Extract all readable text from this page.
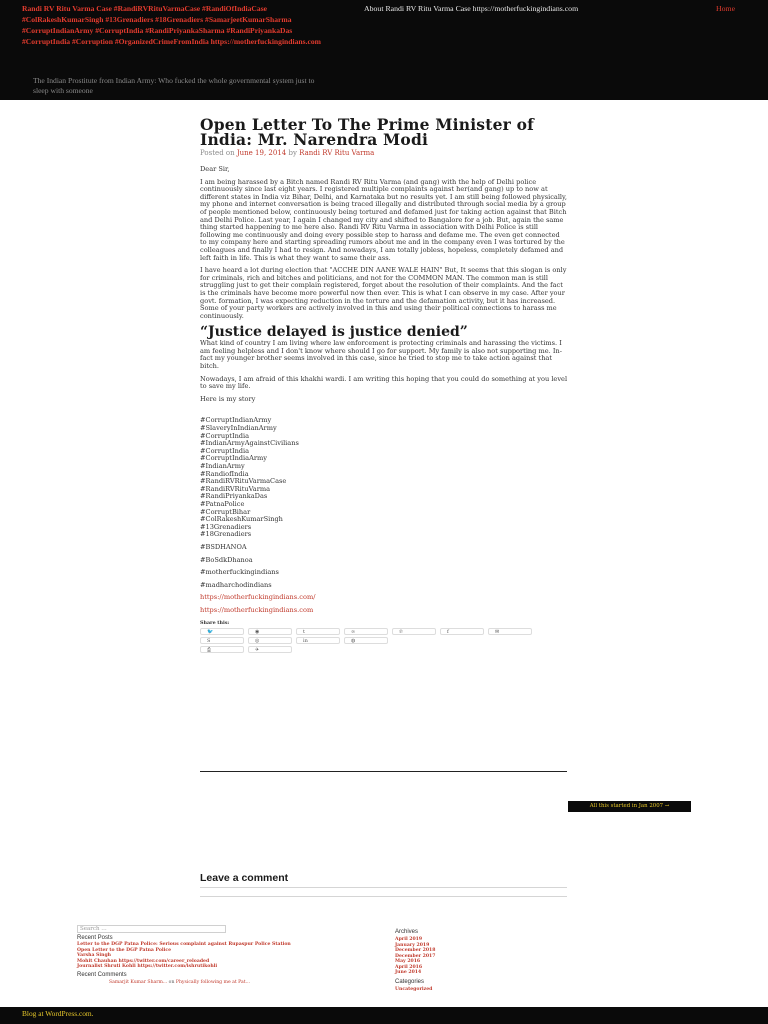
Randi RV Ritu Varma Case #RandiRVRituVarmaCase #RandiOfIndiaCase #ColRakeshKumarSingh #13Grenadiers #18Grenadiers #SamarjeetKumarSharma #CorruptIndianArmy #CorruptIndia #RandiPriyankaSharma #RandiPriyankaDas #CorruptIndia #Corruption #OrganizedCrimeFromIndia https://motherfuckingindians.com
The Indian Prostitute from Indian Army: Who fucked the whole governmental system just to sleep with someone
About Randi RV Ritu Varma Case https://motherfuckingindians.com	Home
Open Letter To The Prime Minister of India: Mr. Narendra Modi
Posted on June 19, 2014 by Randi RV Ritu Varma

Dear Sir,

I am being harassed by a Bitch named Randi RV Ritu Varma (and gang) with the help of Delhi police continuously since last eight years. I registered multiple complaints against her(and gang) up to now at different states in India viz Bihar, Delhi, and Karnataka but no results yet. I am still being followed physically, my phone and internet conversation is being traced illegally and distributed through social media by a group of people mentioned below, continuously being tortured and defamed just for taking action against that Bitch and Delhi Police. Last year, I again I changed my city and shifted to Bangalore for a job. But, again the same thing started happening to me here also. Randi RV Ritu Varma in association with Delhi Police is still following me continuously and doing every possible step to harass and defame me. The even get connected to my company here and starting spreading rumors about me and in the company even I was tortured by the colleagues and finally I had to resign. And nowadays, I am totally jobless, hopeless, completely defamed and left faith in life. This is what they want to same their ass.

I have heard a lot during election that "ACCHE DIN AANE WALE HAIN" But, It seems that this slogan is only for criminals, rich and bitches and politicians, and not for the COMMON MAN. The common man is still struggling just to get their complain registered, forget about the resolution of their complaints. And the fact is the criminals have become more powerful now then ever. This is what I can observe in my case. After your govt. formation, I was expecting reduction in the torture and the defamation activity, but it has increased. Some of your party workers are actively involved in this and using their political connections to harass me continuously.

“Justice delayed is justice denied”

What kind of country I am living where law enforcement is protecting criminals and harassing the victims. I am feeling helpless and I don't know where should I go for support. My family is also not supporting me. In-fact my younger brother seems involved in this case, since he tried to stop me to take action against that bitch.

Nowadays, I am afraid of this khakhi wardi. I am writing this hoping that you could do something at you level to save my life.

Here is my story

#CorruptIndianArmy

#SlaveryInIndianArmy

#CorruptIndia

#IndianArmyAgainstCivilians

#CorruptIndia

#CorruptIndiaArmy

#IndianArmy

#RandiofIndia

#RandiRVRituVarmaCase

#RandiRVRituVarma

#RandiPriyankaDas

#PatnaPolice

#CorruptBihar

#ColRakeshKumarSingh

#13Grenadiers

#18Grenadiers

#BSDHANOA

#BoSdkDhanoa

#motherfuckingindians

#madharchodindians

https://motherfuckingindians.com/

https://motherfuckingindians.com

Share this:
🐦	◉	t	∞	℗	f	✉
S	◎	in	◍
⎙	✈
All this started in Jan 2007 →
Leave a comment
Search …
Recent Posts
Letter to the DGP Patna Police: Serious complaint against Rupaspur Police Station
Open Letter to the DGP Patna Police
Varsha Singh
Mohit Chauhan https://twitter.com/career_reloaded
Journalist Shruti Kohli https://twitter.com/ishrutikohli
Recent Comments
Samarjit Kumar Sharm... on Physically following me at Pat...
Archives
April 2019
January 2019
December 2018
December 2017
May 2016
April 2016
June 2014
Categories
Uncategorized
Blog at WordPress.com.
